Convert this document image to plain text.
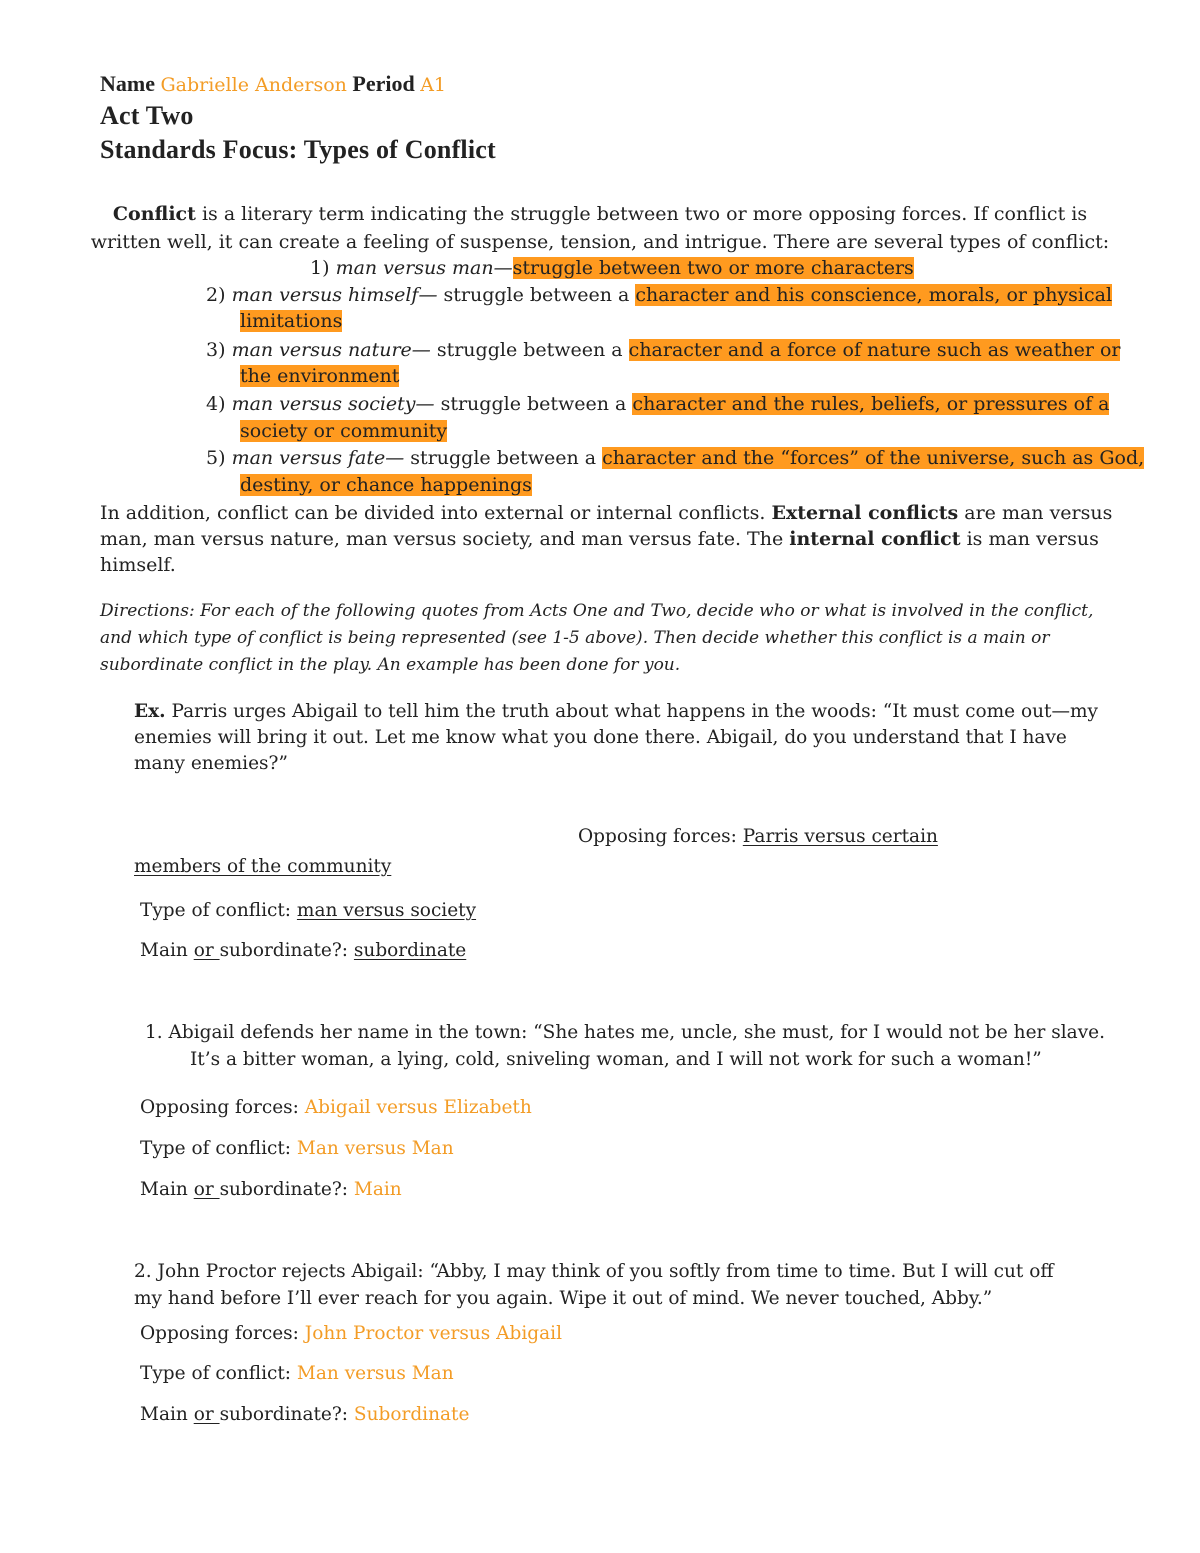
Name Gabrielle Anderson Period A1
Act Two
Standards Focus: Types of Conflict
Conflict is a literary term indicating the struggle between two or more opposing forces. If conflict is
written well, it can create a feeling of suspense, tension, and intrigue. There are several types of conflict:
1) man versus man—struggle between two or more characters
2) man versus himself— struggle between a character and his conscience, morals, or physical
limitations
3) man versus nature— struggle between a character and a force of nature such as weather or
the environment
4) man versus society— struggle between a character and the rules, beliefs, or pressures of a
society or community
5) man versus fate— struggle between a character and the “forces” of the universe, such as God,
destiny, or chance happenings
In addition, conflict can be divided into external or internal conflicts. External conflicts are man versus
man, man versus nature, man versus society, and man versus fate. The internal conflict is man versus
himself.
Directions: For each of the following quotes from Acts One and Two, decide who or what is involved in the conflict,
and which type of conflict is being represented (see 1-5 above). Then decide whether this conflict is a main or
subordinate conflict in the play. An example has been done for you.
Ex. Parris urges Abigail to tell him the truth about what happens in the woods: “It must come out—my
enemies will bring it out. Let me know what you done there. Abigail, do you understand that I have
many enemies?”
Opposing forces: Parris versus certain
members of the community
Type of conflict: man versus society
Main or subordinate?: subordinate
1. Abigail defends her name in the town: “She hates me, uncle, she must, for I would not be her slave.
It’s a bitter woman, a lying, cold, sniveling woman, and I will not work for such a woman!”
Opposing forces: Abigail versus Elizabeth
Type of conflict: Man versus Man
Main or subordinate?: Main
2. John Proctor rejects Abigail: “Abby, I may think of you softly from time to time. But I will cut off
my hand before I’ll ever reach for you again. Wipe it out of mind. We never touched, Abby.”
Opposing forces: John Proctor versus Abigail
Type of conflict: Man versus Man
Main or subordinate?: Subordinate
